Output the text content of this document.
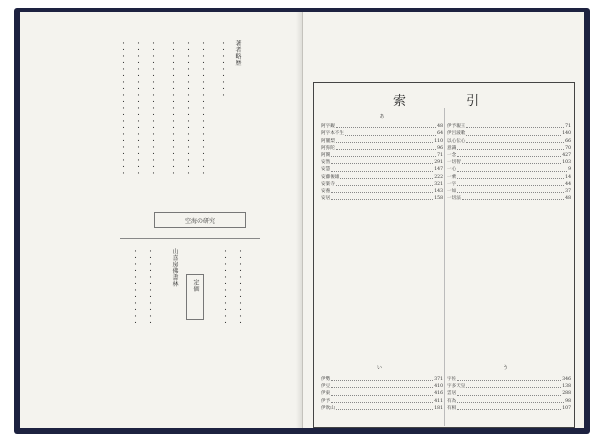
著者略歴
・・・・・・・・・
・・・・・・・・・・・・・・・・・・・・・
・・・・・・・・・・・・・・・・・・・・・
・・・・・・・・・・・・・・・・・・・・・
・・・・・・・・・・・・・・・・・・・・・
・・・・・・・・・・・・・・・・・・・・・
・・・・・・・・・・・・・・・・・・・・・
空海の研究
山喜房佛書林
・・・・・・・・・・・・ ・・・・・・・・・・・・	・・・・・・・・・・・・ ・・・・・・・・・・・・
定価
索 引
あ
阿字観	48
阿字本不生	64
阿闍梨	110
阿弥陀	96
阿閦	71
安然	291
安慧	147
安藤俊雄	222
安楽寺	321
安養	143
安居	158
伊予親王	71
伊呂波歌	140
以心伝心	66
意識	70
一念	427
一切智	103
一心	9
一乗	14
一字	44
一如	37
一切法	48
い	う
伊勢	371
伊豆	410
伊東	416
伊予	411
伊吹山	181
宇佐	346
宇多天皇	138
雲居	288
有為	98
有相	107
